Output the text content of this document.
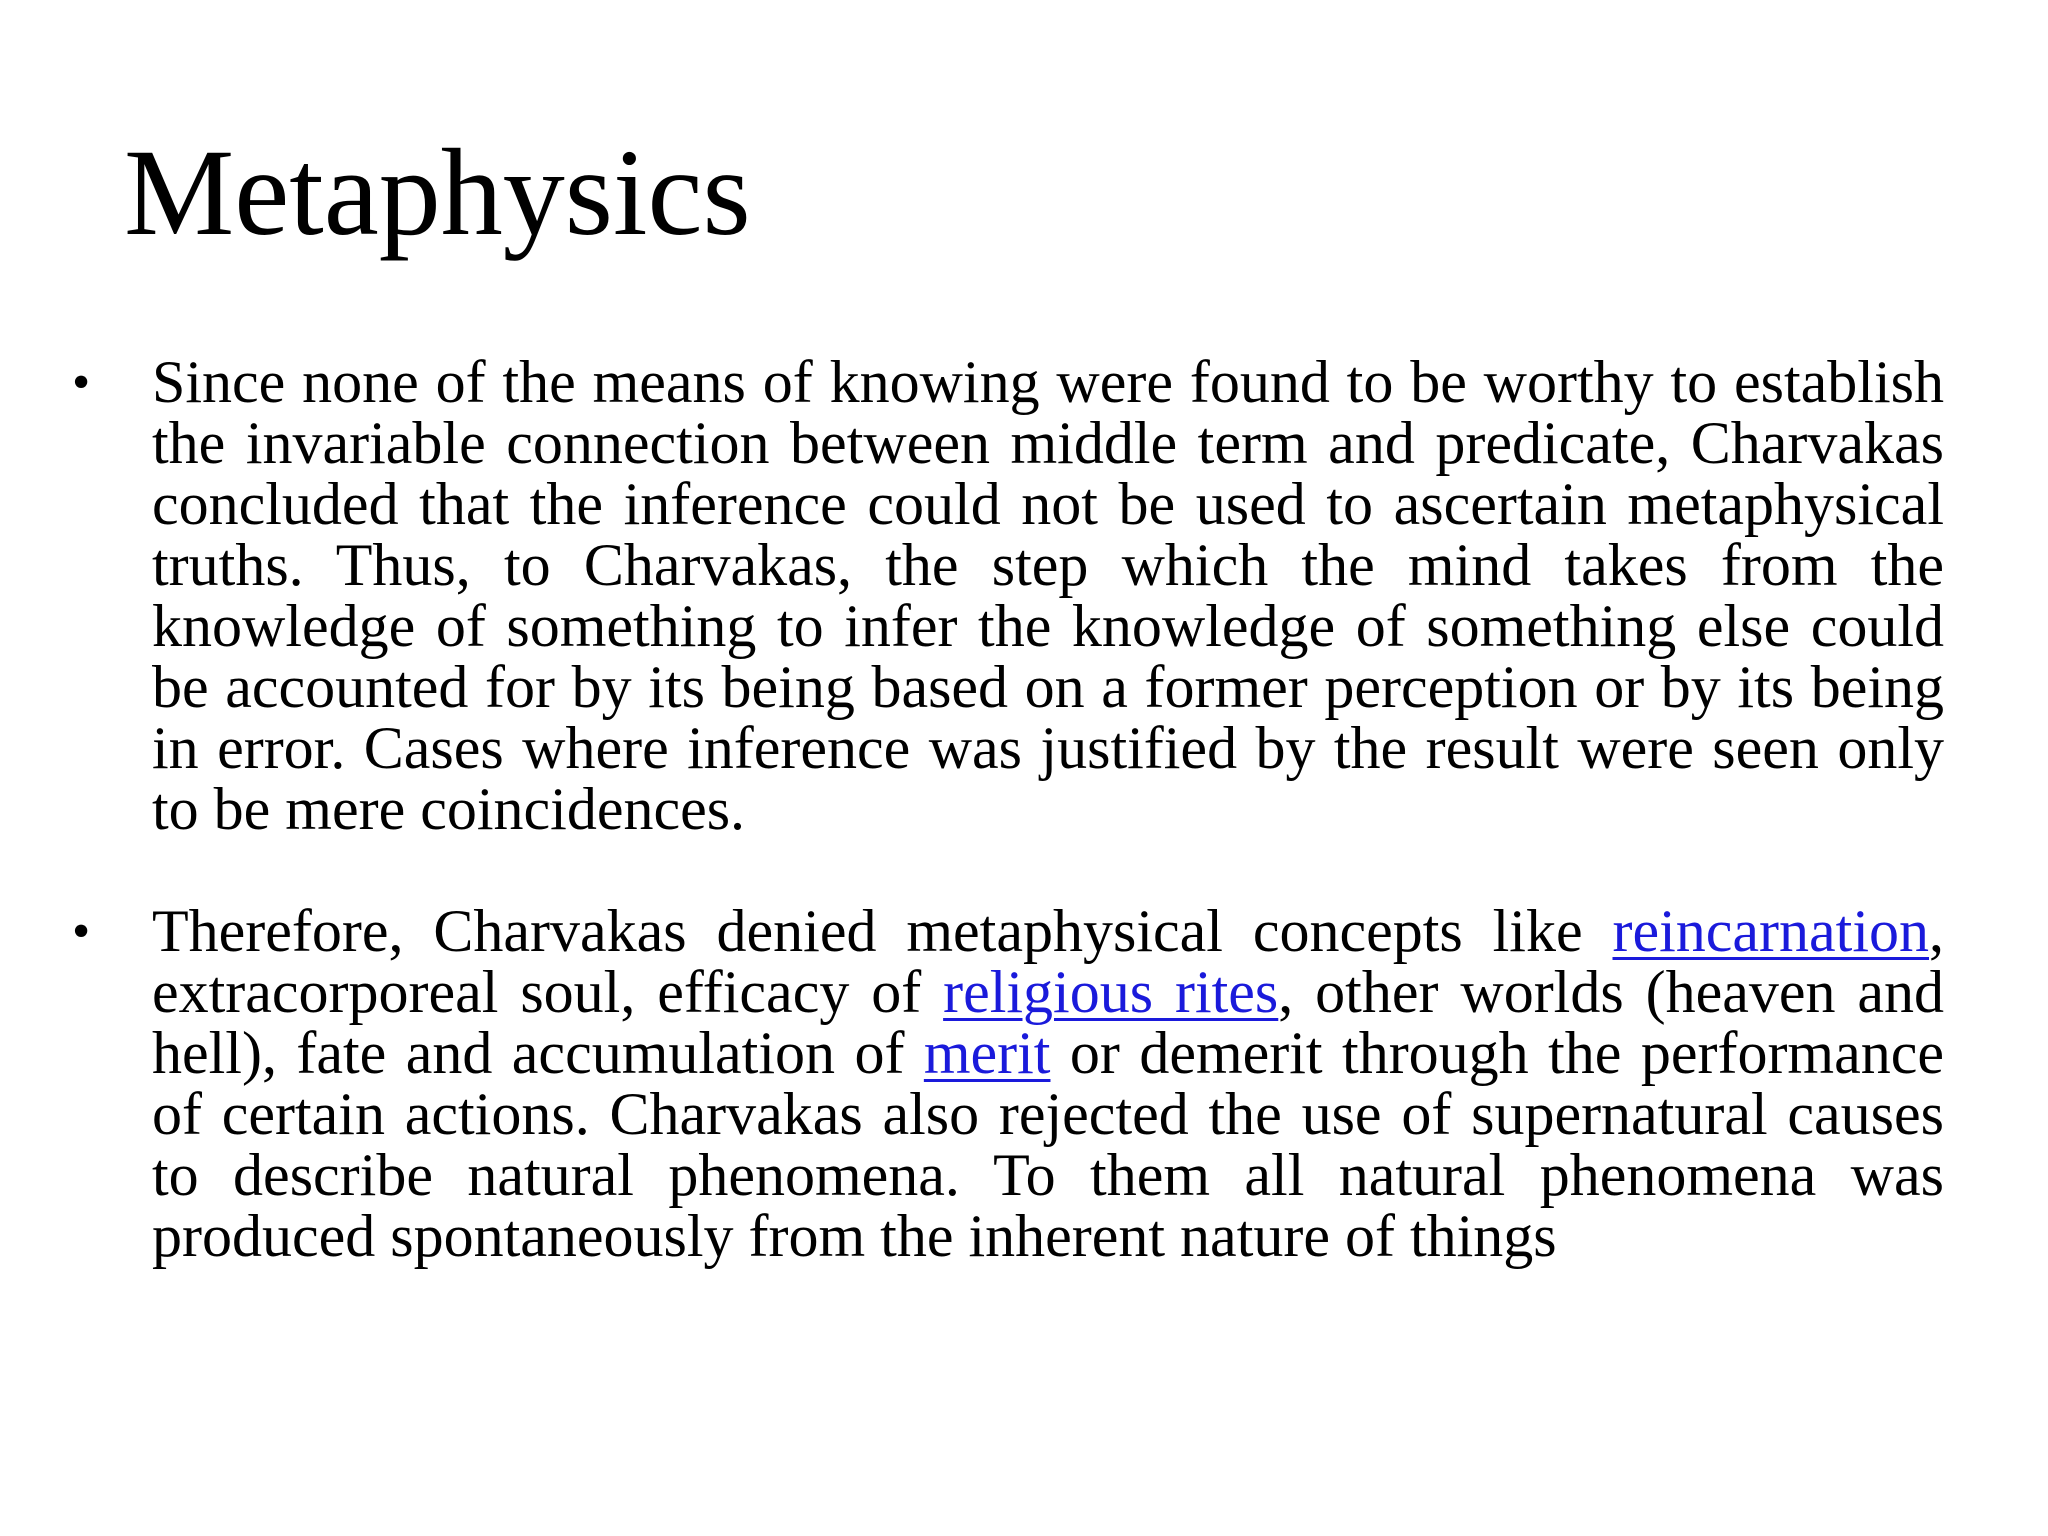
Metaphysics
•	Since none of the means of knowing were found to be worthy to establish the invariable connection between middle term and predicate, Charvakas concluded that the inference could not be used to ascertain metaphysical truths. Thus, to Charvakas, the step which the mind takes from the knowledge of something to infer the knowledge of something else could be accounted for by its being based on a former perception or by its being in error. Cases where inference was justified by the result were seen only to be mere coincidences.
•	Therefore, Charvakas denied metaphysical concepts like reincarnation, extracorporeal soul, efficacy of religious rites, other worlds (heaven and hell), fate and accumulation of merit or demerit through the performance of certain actions. Charvakas also rejected the use of supernatural causes to describe natural phenomena. To them all natural phenomena was produced spontaneously from the inherent nature of things
